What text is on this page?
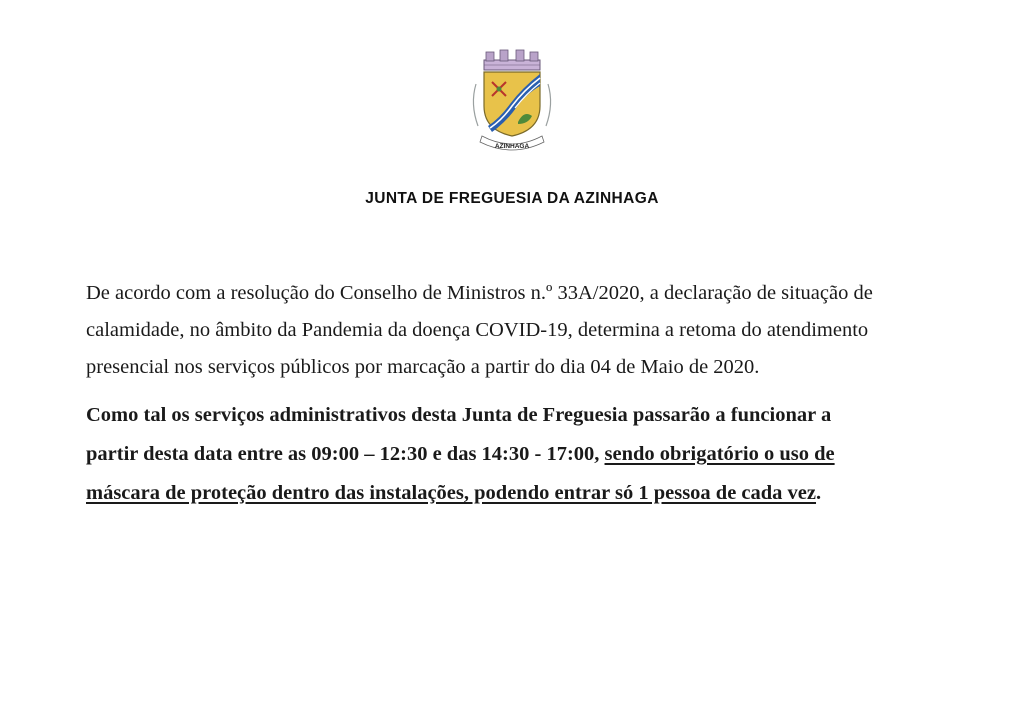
AZINHAGA
JUNTA DE FREGUESIA DA AZINHAGA

De acordo com a resolução do Conselho de Ministros n.º 33A/2020, a declaração de situação de

calamidade, no âmbito da Pandemia da doença COVID-19, determina a retoma do atendimento

presencial nos serviços públicos por marcação a partir do dia 04 de Maio de 2020.

Como tal os serviços administrativos desta Junta de Freguesia passarão a funcionar a

partir desta data entre as 09:00 – 12:30 e das 14:30 - 17:00, sendo obrigatório o uso de

máscara de proteção dentro das instalações, podendo entrar só 1 pessoa de cada vez.
